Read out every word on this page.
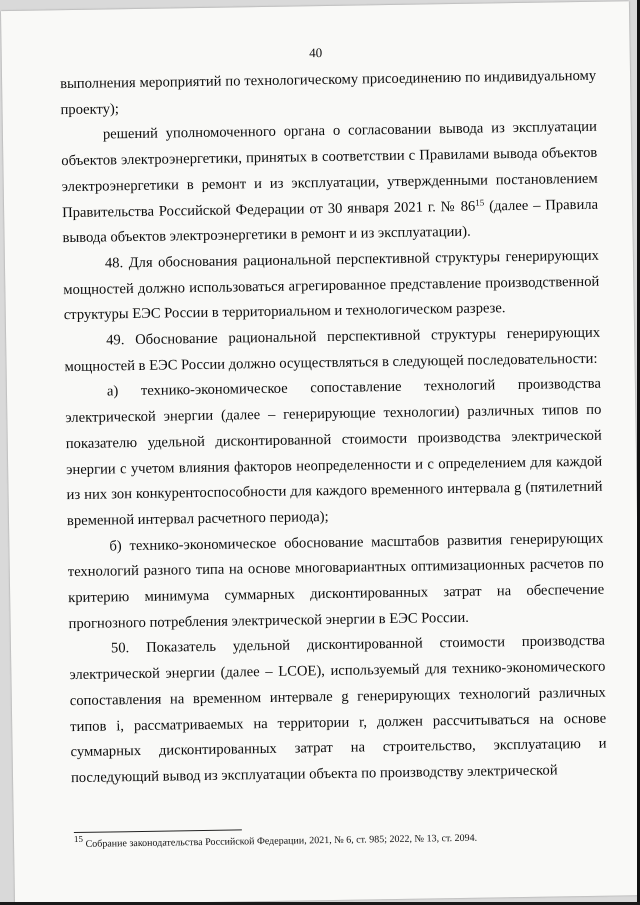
40

выполнения мероприятий по технологическому присоединению по индивидуальному проекту);

решений уполномоченного органа о согласовании вывода из эксплуатации объектов электроэнергетики, принятых в соответствии с Правилами вывода объектов электроэнергетики в ремонт и из эксплуатации, утвержденными постановлением Правительства Российской Федерации от 30 января 2021 г. № $86^{15}$ (далее – Правила вывода объектов электроэнергетики в ремонт и из эксплуатации).

48. Для обоснования рациональной перспективной структуры генерирующих мощностей должно использоваться агрегированное представление производственной структуры ЕЭС России в территориальном и технологическом разрезе.

49. Обоснование рациональной перспективной структуры генерирующих мощностей в ЕЭС России должно осуществляться в следующей последовательности:

а) технико-экономическое сопоставление технологий производства электрической энергии (далее – генерирующие технологии) различных типов по показателю удельной дисконтированной стоимости производства электрической энергии с учетом влияния факторов неопределенности и с определением для каждой из них зон конкурентоспособности для каждого временного интервала g (пятилетний временной интервал расчетного периода);

б) технико-экономическое обоснование масштабов развития генерирующих технологий разного типа на основе многовариантных оптимизационных расчетов по критерию минимума суммарных дисконтированных затрат на обеспечение прогнозного потребления электрической энергии в ЕЭС России.

50. Показатель удельной дисконтированной стоимости производства электрической энергии (далее – LCOE), используемый для технико-экономического сопоставления на временном интервале g генерирующих технологий различных типов i, рассматриваемых на территории r, должен рассчитываться на основе суммарных дисконтированных затрат на строительство, эксплуатацию и последующий вывод из эксплуатации объекта по производству электрической

$^{15}$ Собрание законодательства Российской Федерации, 2021, № 6, ст. 985; 2022, № 13, ст. 2094.
